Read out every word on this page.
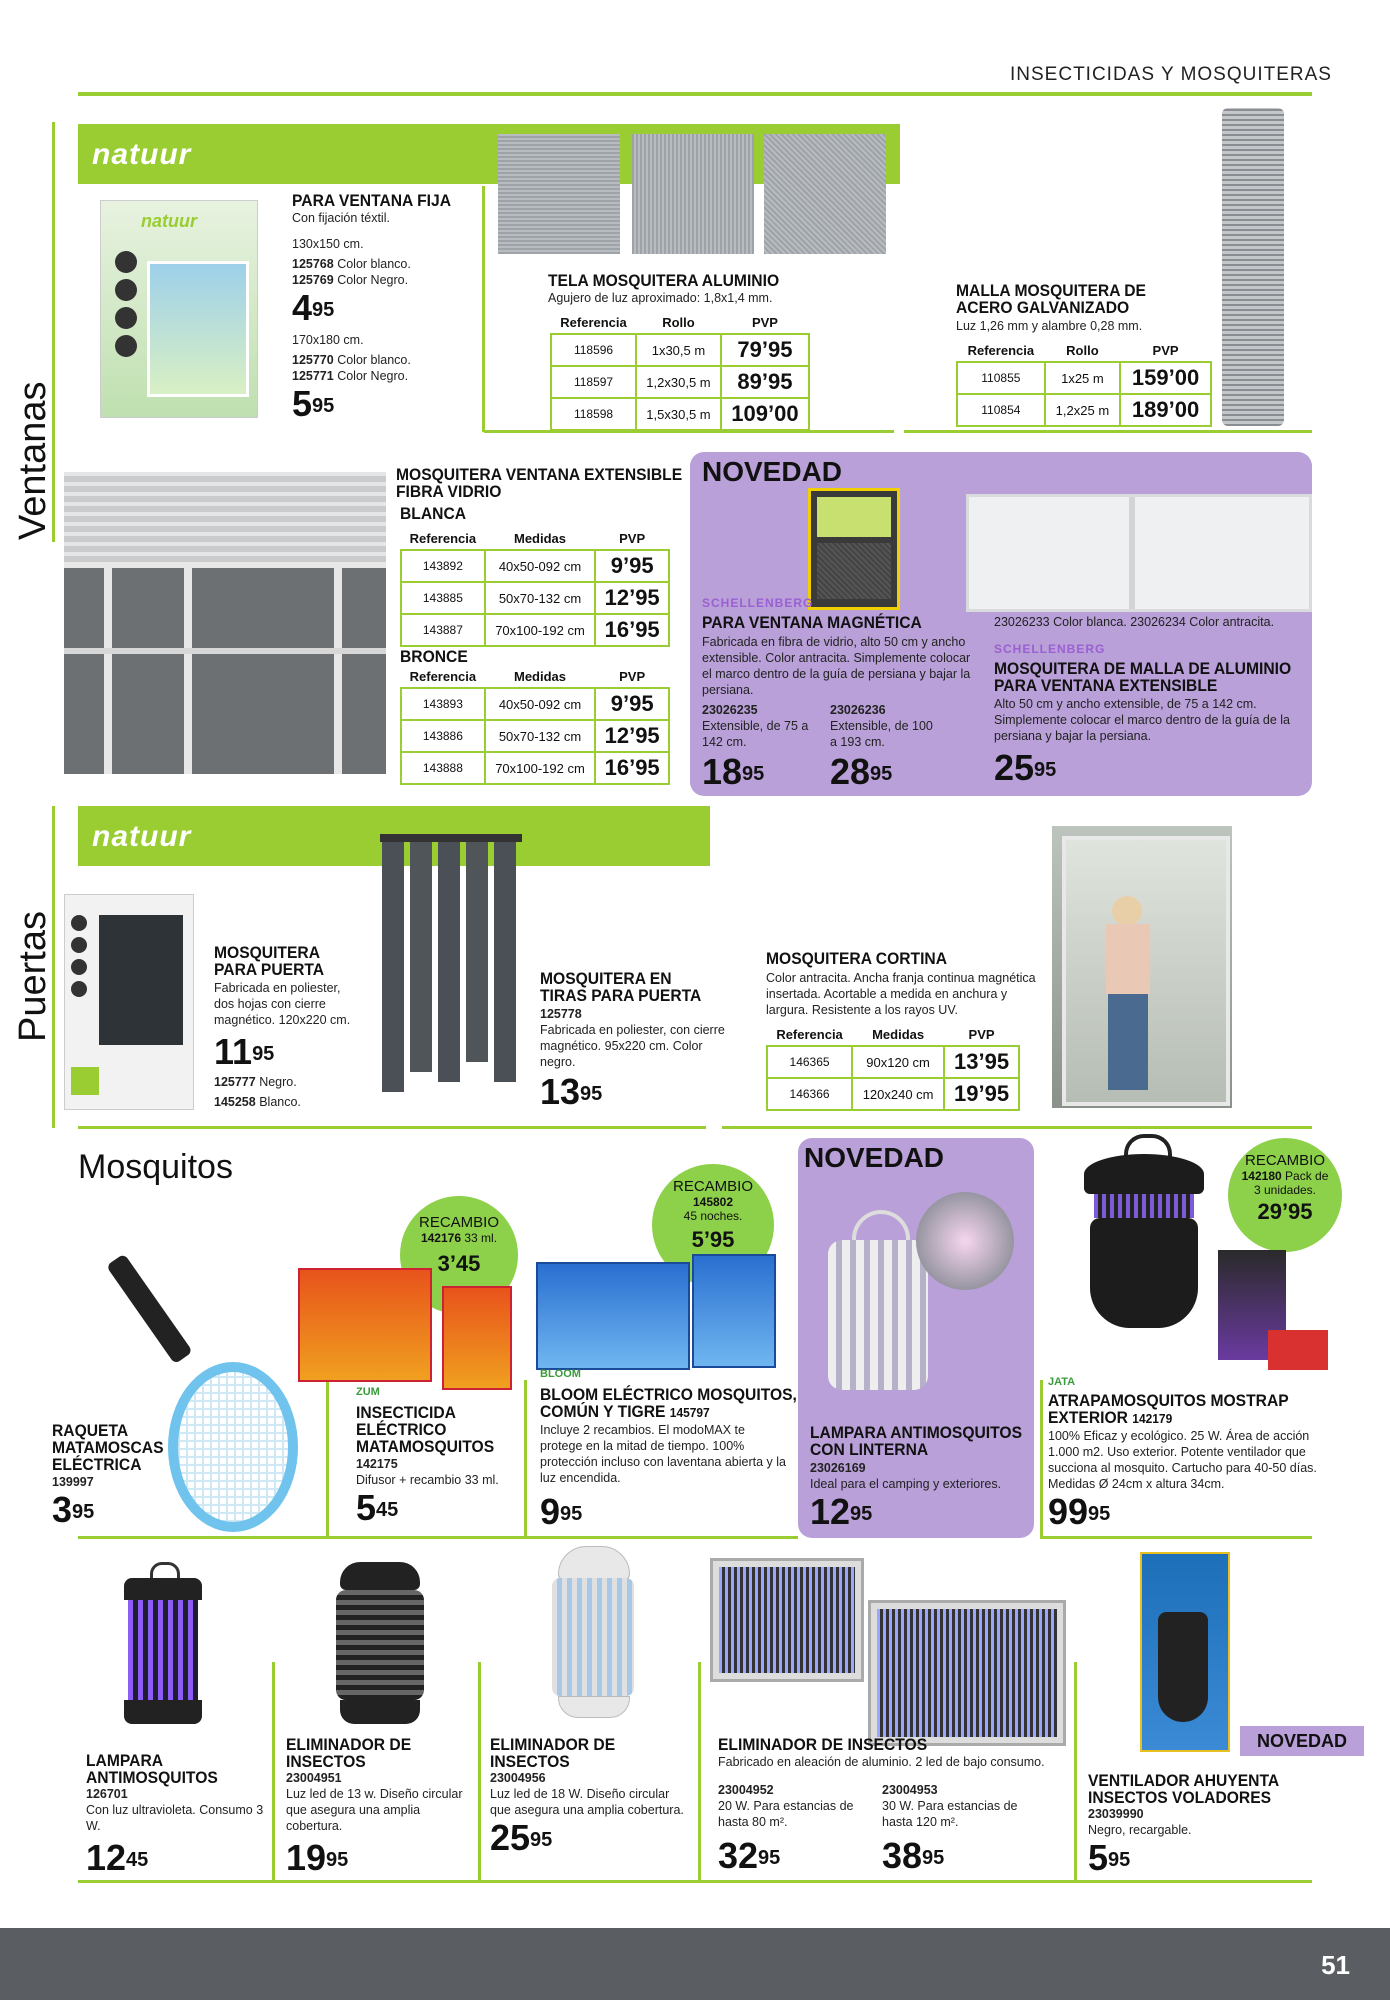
INSECTICIDAS Y MOSQUITERAS
Ventanas
Puertas
natuur
natuur
PARA VENTANA FIJA
Con fijación téxtil.
130x150 cm.
125768 Color blanco.
125769 Color Negro.
$4^{95}$
170x180 cm.
125770 Color blanco.
125771 Color Negro.
$5^{95}$
TELA MOSQUITERA ALUMINIO
Agujero de luz aproximado: 1,8x1,4 mm.
Referencia	Rollo	PVP
118596	1x30,5 m	79’95
118597	1,2x30,5 m	89’95
118598	1,5x30,5 m	109’00
MALLA MOSQUITERA DE
ACERO GALVANIZADO
Luz 1,26 mm y alambre 0,28 mm.
Referencia	Rollo	PVP
110855	1x25 m	159’00
110854	1,2x25 m	189’00
MOSQUITERA VENTANA EXTENSIBLE
FIBRA VIDRIO
BLANCA
Referencia	Medidas	PVP
143892	40x50-092 cm	9’95
143885	50x70-132 cm	12’95
143887	70x100-192 cm	16’95
BRONCE
Referencia	Medidas	PVP
143893	40x50-092 cm	9’95
143886	50x70-132 cm	12’95
143888	70x100-192 cm	16’95
NOVEDAD
SCHELLENBERG
PARA VENTANA MAGNÉTICA
Fabricada en fibra de vidrio, alto 50 cm y ancho extensible. Color antracita. Simplemente colocar el marco dentro de la guía de persiana y bajar la persiana.
23026235
Extensible, de 75 a 142 cm.
$18^{95}$
23026236
Extensible, de 100 a 193 cm.
$28^{95}$
23026233 Color blanca. 23026234 Color antracita.
SCHELLENBERG
MOSQUITERA DE MALLA DE ALUMINIO
PARA VENTANA EXTENSIBLE
Alto 50 cm y ancho extensible, de 75 a 142 cm. Simplemente colocar el marco dentro de la guía de la persiana y bajar la persiana.
$25^{95}$
natuur
MOSQUITERA
PARA PUERTA
Fabricada en poliester, dos hojas con cierre magnético. 120x220 cm.
$11^{95}$
125777 Negro.
145258 Blanco.
MOSQUITERA EN
TIRAS PARA PUERTA
125778
Fabricada en poliester, con cierre magnético. 95x220 cm. Color negro.
$13^{95}$
MOSQUITERA CORTINA
Color antracita. Ancha franja continua magnética insertada. Acortable a medida en anchura y largura. Resistente a los rayos UV.
Referencia	Medidas	PVP
146365	90x120 cm	13’95
146366	120x240 cm	19’95
Mosquitos
RAQUETA
MATAMOSCAS
ELÉCTRICA
139997
$3^{95}$
RECAMBIO
142176 33 ml.
3’45
ZUM
INSECTICIDA
ELÉCTRICO
MATAMOSQUITOS
142175
Difusor + recambio 33 ml.
$5^{45}$
RECAMBIO
145802
45 noches.
5’95
BLOOM
BLOOM ELÉCTRICO MOSQUITOS,
COMÚN Y TIGRE 145797
Incluye 2 recambios. El modoMAX te protege en la mitad de tiempo. 100% protección incluso con laventana abierta y la luz encendida.
$9^{95}$
NOVEDAD
LAMPARA ANTIMOSQUITOS
CON LINTERNA
23026169
Ideal para el camping y exteriores.
$12^{95}$
RECAMBIO
142180 Pack de 3 unidades.
29’95
JATA
ATRAPAMOSQUITOS MOSTRAP
EXTERIOR 142179
100% Eficaz y ecológico. 25 W. Área de acción 1.000 m2. Uso exterior. Potente ventilador que succiona al mosquito. Cartucho para 40-50 días. Medidas Ø 24cm x altura 34cm.
$99^{95}$
LAMPARA
ANTIMOSQUITOS
126701
Con luz ultravioleta. Consumo 3 W.
$12^{45}$
ELIMINADOR DE
INSECTOS
23004951
Luz led de 13 w. Diseño circular que asegura una amplia cobertura.
$19^{95}$
ELIMINADOR DE
INSECTOS
23004956
Luz led de 18 W. Diseño circular que asegura una amplia cobertura.
$25^{95}$
ELIMINADOR DE INSECTOS
Fabricado en aleación de aluminio. 2 led de bajo consumo.
23004952
20 W. Para estancias de hasta 80 m².
$32^{95}$
23004953
30 W. Para estancias de hasta 120 m².
$38^{95}$
NOVEDAD
VENTILADOR AHUYENTA
INSECTOS VOLADORES
23039990
Negro, recargable.
$5^{95}$
51
